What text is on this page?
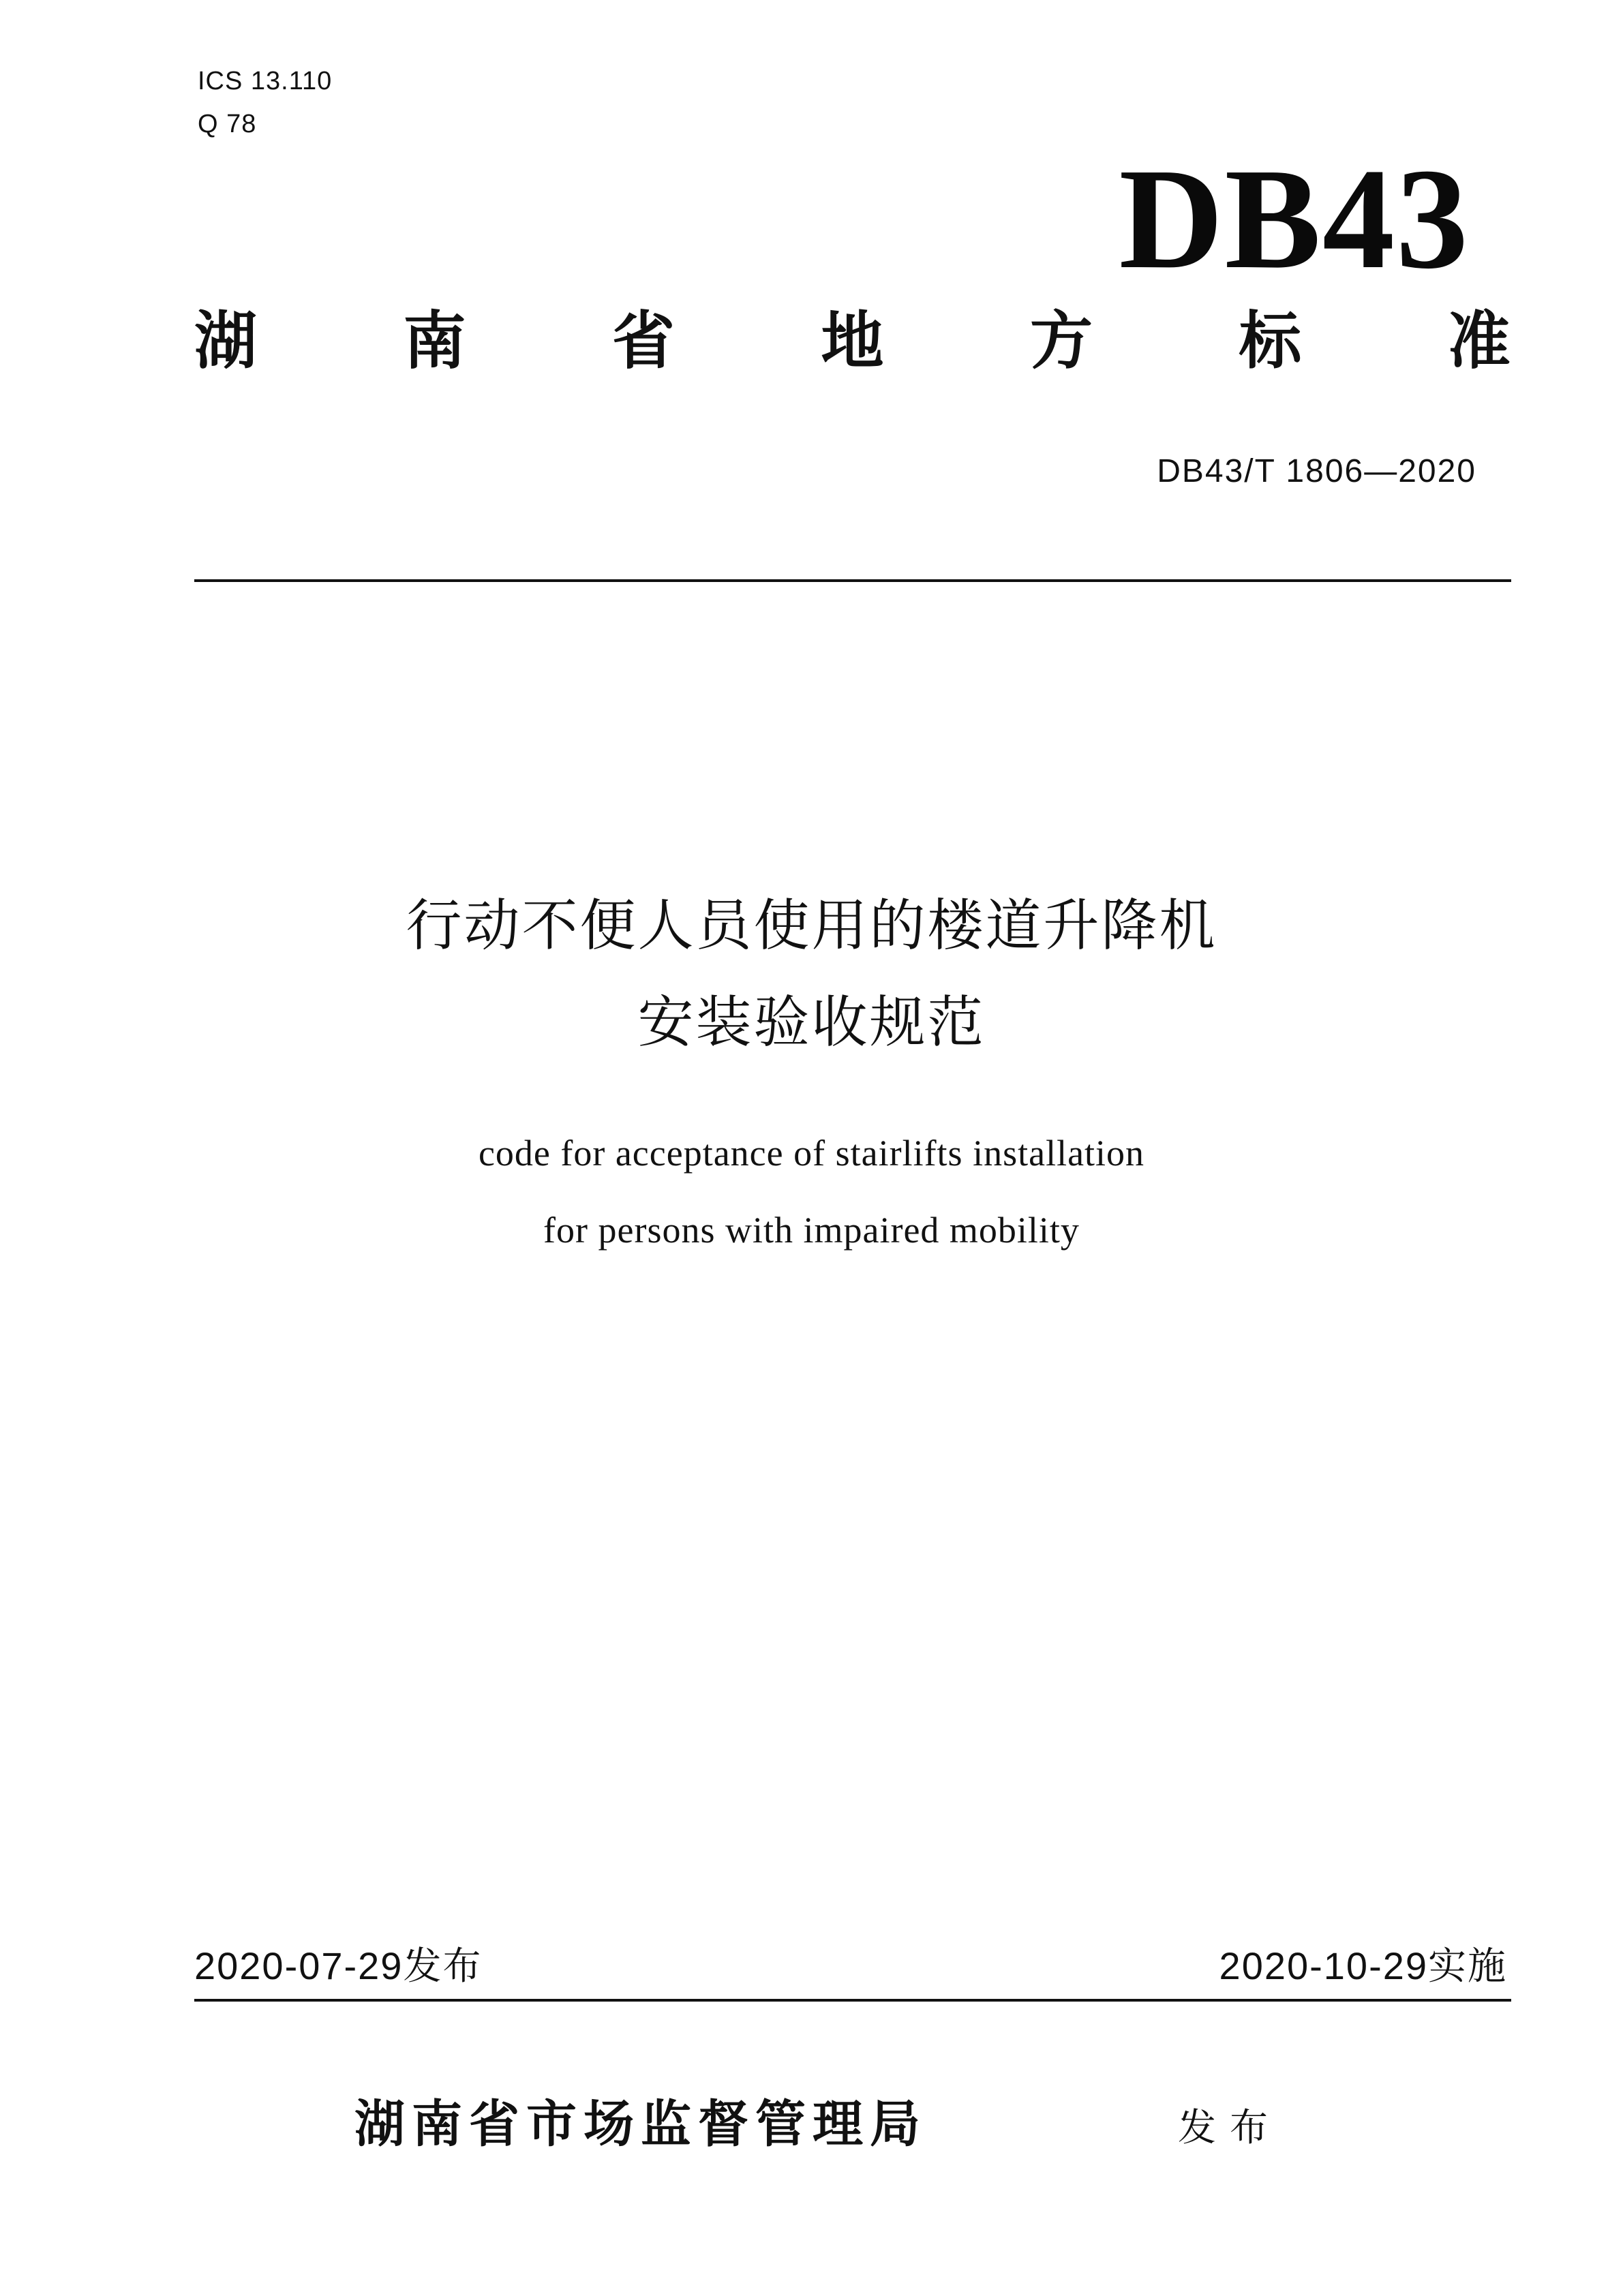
ICS 13.110
Q 78
DB43
湖 南 省 地 方 标 准
DB43/T 1806—2020
行动不便人员使用的楼道升降机
安装验收规范
code for acceptance of stairlifts installation
for persons with impaired mobility
2020-07-29发布	2020-10-29实施
湖南省市场监督管理局	发布
